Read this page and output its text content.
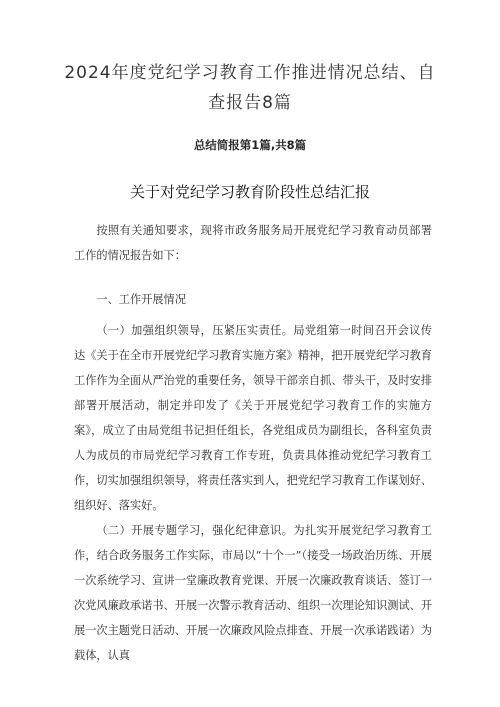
2024年度党纪学习教育工作推进情况总结、自查报告8篇
总结简报第1篇,共8篇
关于对党纪学习教育阶段性总结汇报

按照有关通知要求，现将市政务服务局开展党纪学习教育动员部署工作的情况报告如下：

一、工作开展情况

（一）加强组织领导，压紧压实责任。局党组第一时间召开会议传达《关于在全市开展党纪学习教育实施方案》精神，把开展党纪学习教育工作作为全面从严治党的重要任务，领导干部亲自抓、带头干，及时安排部署开展活动，制定并印发了《关于开展党纪学习教育工作的实施方案》，成立了由局党组书记担任组长，各党组成员为副组长，各科室负责人为成员的市局党纪学习教育工作专班，负责具体推动党纪学习教育工作，切实加强组织领导，将责任落实到人，把党纪学习教育工作谋划好、组织好、落实好。

（二）开展专题学习，强化纪律意识。为扎实开展党纪学习教育工作，结合政务服务工作实际，市局以“十个一”（接受一场政治历练、开展一次系统学习、宣讲一堂廉政教育党课、开展一次廉政教育谈话、签订一次党风廉政承诺书、开展一次警示教育活动、组织一次理论知识测试、开展一次主题党日活动、开展一次廉政风险点排查、开展一次承诺践诺）为载体，认真
